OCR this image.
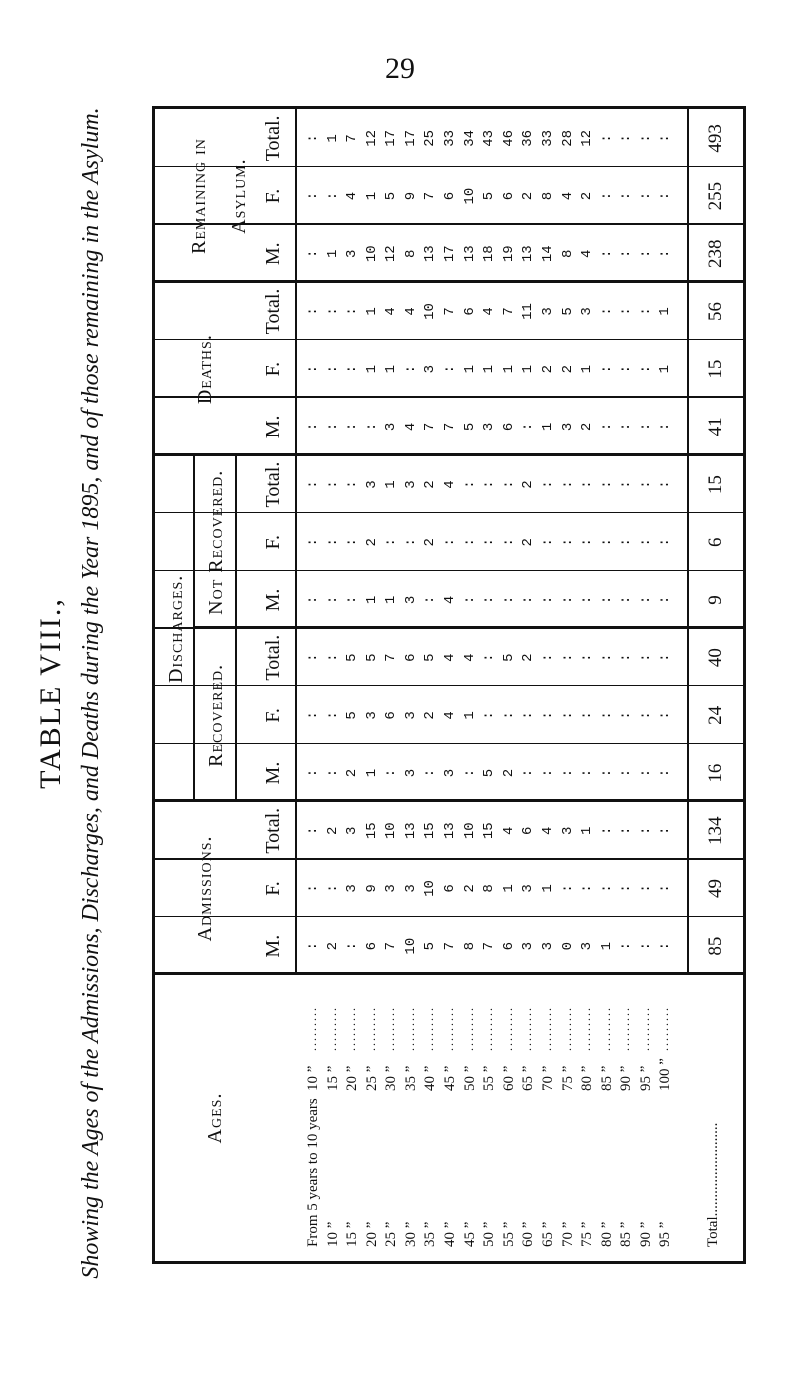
29
TABLE VIII., Showing the Ages of the Admissions, Discharges, and Deaths during the Year 1895, and of those remaining in the Asylum.	Ages.
Admissions.
Discharges.
Recovered.
Not Recovered.
Deaths.
Remaining in Asylum.
M.
F.
Total.
M.
F.
Total.
M.
F.
Total.
M.
F.
Total.
M.
F.
Total.
From 5 years to 10 years
10 ”
.........
:
:
:
:
:
:
:
:
:
:
:
:
:
:
:
10 ”
15 ”
.........
2
:
2
:
:
:
:
:
:
:
:
:
1
:
1
15 ”
20 ”
.........
:
3
3
2
5
5
:
:
:
:
:
:
3
4
7
20 ”
25 ”
.........
6
9
15
1
3
5
1
2
3
:
1
1
10
1
12
25 ”
30 ”
.........
7
3
10
:
6
7
1
:
1
3
1
4
12
5
17
30 ”
35 ”
.........
10
3
13
3
3
6
3
:
3
4
:
4
8
9
17
35 ”
40 ”
.........
5
10
15
:
2
5
:
2
2
7
3
10
13
7
25
40 ”
45 ”
.........
7
6
13
3
4
4
4
:
4
7
:
7
17
6
33
45 ”
50 ”
.........
8
2
10
:
1
4
:
:
:
5
1
6
13
10
34
50 ”
55 ”
.........
7
8
15
5
:
:
:
:
:
3
1
4
18
5
43
55 ”
60 ”
.........
6
1
4
2
:
5
:
:
:
6
1
7
19
6
46
60 ”
65 ”
.........
3
3
6
:
:
2
:
2
2
:
1
11
13
2
36
65 ”
70 ”
.........
3
1
4
:
:
:
:
:
:
1
2
3
14
8
33
70 ”
75 ”
.........
0
:
3
:
:
:
:
:
:
3
2
5
8
4
28
75 ”
80 ”
.........
3
:
1
:
:
:
:
:
:
2
1
3
4
2
12
80 ”
85 ”
.........
1
:
:
:
:
:
:
:
:
:
:
:
:
:
:
85 ”
90 ”
.........
:
:
:
:
:
:
:
:
:
:
:
:
:
:
:
90 ”
95 ”
.........
:
:
:
:
:
:
:
:
:
:
:
:
:
:
:
95 ”
100 ”
.........
:
:
:
:
:
:
:
:
:
:
1
1
:
:
:
Total.........................
85
49
134
16
24
40
9
6
15
41
15
56
238
255
493
